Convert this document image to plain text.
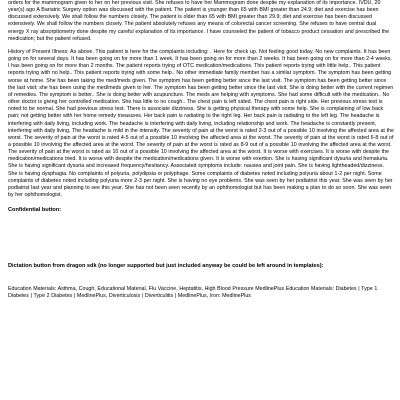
orders for the mammogram given to her on her previous visit. She refuses to have her Mammogram done despite my explanation of its importance. IVDU, 20 year(s) ago A Bariatric Surgery option was discussed with the patient. The patient is younger than 65 with BMI greater than 24.9; diet and exercise has been discussed extensively. We shall follow the numbers closely. The patient is older than 65 with BMI greater than 29.9; diet and exercise has been discussed extensively. We shall follow the numbers closely. The patient absolutely refuses any means of colorectal cancer screening. She refuses to have central dual energy X ray absorptiometry done despite my careful explanation of its importance. I have counseled the patient of tobacco product cessation and prescribed the medication; but the patient refused.

History of Present Illness: As above. This patient is here for the complaints including: . Here for check up. Not feeling good today. No new complaints. It has been going on for several days. It has been going on for more than 1 week. It has been going on for more than 2 weeks. It has been going on for more than 2-4 weeks. I has been going on for more than 2 months. The patient reports trying of OTC medication/medications. This patient reports trying with little help.. This patient reports trying with no help.. This patient reports trying with some help.. No other immediate family member has a similar symptom. The symptom has been getting worse at home. She has been taking the med/meds given. The symptom has been getting better since the last visit. The symptom has been getting better since the last visit; she has been using the med/meds given to her. The symptom has been getting better since the last visit. She is doing better with the current regimen of remedies. The symptom is better.. She is doing better with acupuncture. The meds are helping with symptoms. She had some difficult with the medication.. No other doctor is giving her controlled medication. She has little to no cough.. The chest pain is left sided. The chest pain is right side. Her previous stress test is noted to be normal. She had previous stress test. There is associate dizziness. She is getting physical therapy with some help. She is complaining of low back pain; not getting better with her home remedy measures. Her back pain is radiating to the right leg. Her back pain is radiating to the left leg. The headache is interfering with daily living, including work. The headache is interfering with daily living, including relationship and work. The headache is constantly present, interfering with daily living. The headache is mild in the intensity. The severity of pain at the worst is rated 2-3 out of a possible 10 involving the affected area at the worst. The severity of pain at the worst is rated 4-5 out of a possible 10 involving the affected area at the worst. The severity of pain at the worst is rated 6-8 out of a possible 10 involving the affected area at the worst. The severity of pain at the worst is rated as 8-9 out of a possible 10 involving the affected area at the worst. The severity of pain at the worst is rated as 10 out of a possible 10 involving the affected area at the worst. It is worse with exercises. It is worse with despite the medication/medications tried. It is worse with despite the medication/medications given. It is worse with exertion. She is having significant dysuria and hematuria. She is having significant dysuria and increased frequency/hesitancy. Associated symptoms include: nausea and joint pain. She is having lightheaded/dizziness. She is having dysphagia. No complaints of polyuria, polydipsia or polyphage. Some complaints of diabetes noted including polyuria about 1-2 per night. Some complaints of diabetes noted including polyuria more 2-3 per night. She is having no eye problems. She was seen by her podiatrist this year. She was seen by her podiatrist last year and planning to see this year. She has not been seen recently by an ophthomologist but has been making a plan to do so soon. She was seen by her ophthomologist.

Confidential button:

Dictation button from dragon sdk (no longer supported but just included anyway be could be left around in templates):

Education Materials: Asthma, Cough, Educational Material, Flu Vaccine, Heptatitis, High Blood Pressure MedlinePlus Education Materials: Diabetes | Type 1 Diabetes | Type 2 Diabetes | MedlinePlus, Diverticulosis | Diverticulitis | MedlinePlus, Iron: MedlinePlus
